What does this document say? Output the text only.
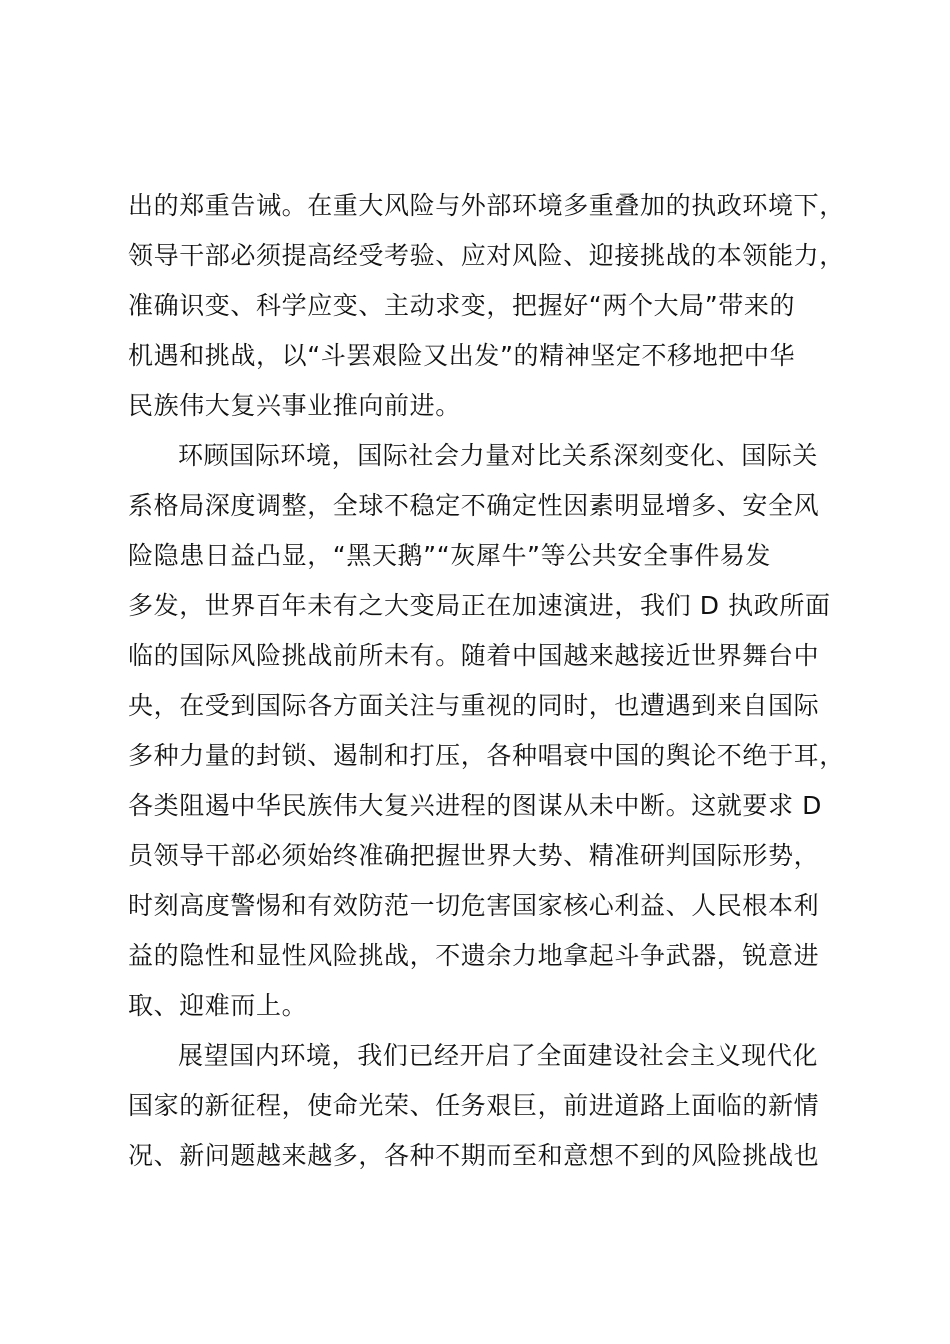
出的郑重告诫。在重大风险与外部环境多重叠加的执政环境下，
领导干部必须提高经受考验、应对风险、迎接挑战的本领能力，
准确识变、科学应变、主动求变，把握好“两个大局”带来的
机遇和挑战，以“斗罢艰险又出发”的精神坚定不移地把中华
民族伟大复兴事业推向前进。
环顾国际环境，国际社会力量对比关系深刻变化、国际关
系格局深度调整，全球不稳定不确定性因素明显增多、安全风
险隐患日益凸显，“黑天鹅”“灰犀牛”等公共安全事件易发
多发，世界百年未有之大变局正在加速演进，我们 D 执政所面
临的国际风险挑战前所未有。随着中国越来越接近世界舞台中
央，在受到国际各方面关注与重视的同时，也遭遇到来自国际
多种力量的封锁、遏制和打压，各种唱衰中国的舆论不绝于耳，
各类阻遏中华民族伟大复兴进程的图谋从未中断。这就要求 D
员领导干部必须始终准确把握世界大势、精准研判国际形势，
时刻高度警惕和有效防范一切危害国家核心利益、人民根本利
益的隐性和显性风险挑战，不遗余力地拿起斗争武器，锐意进
取、迎难而上。
展望国内环境，我们已经开启了全面建设社会主义现代化
国家的新征程，使命光荣、任务艰巨，前进道路上面临的新情
况、新问题越来越多，各种不期而至和意想不到的风险挑战也
